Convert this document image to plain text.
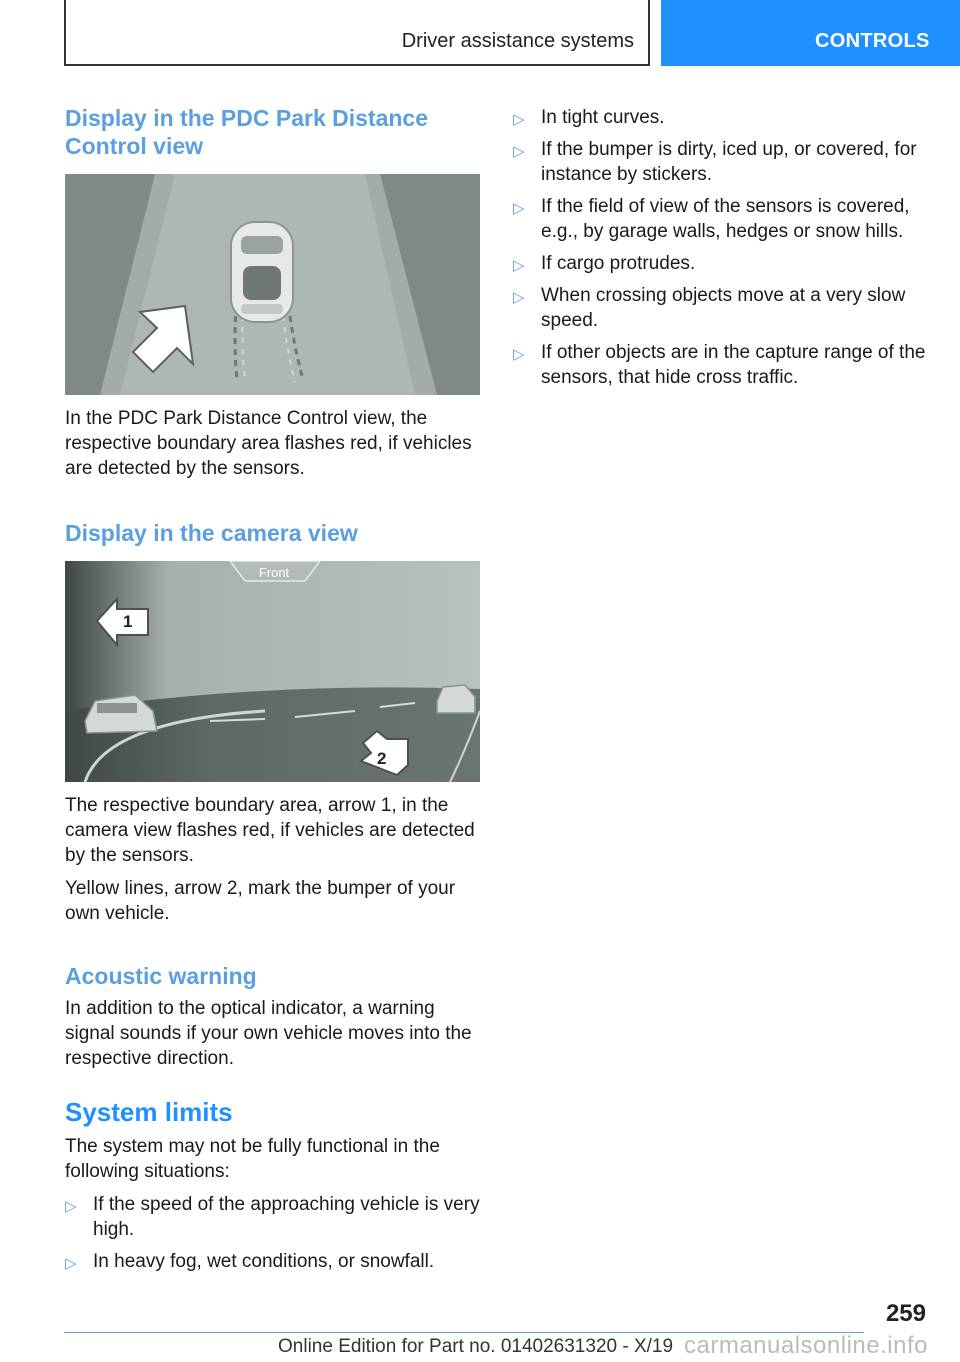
Driver assistance systems	CONTROLS
Display in the PDC Park Distance Control view
In the PDC Park Distance Control view, the respective boundary area flashes red, if vehicles are detected by the sensors.
Display in the camera view
Front
1
2
The respective boundary area, arrow 1, in the camera view flashes red, if vehicles are detected by the sensors.
Yellow lines, arrow 2, mark the bumper of your own vehicle.
Acoustic warning
In addition to the optical indicator, a warning signal sounds if your own vehicle moves into the respective direction.
System limits
The system may not be fully functional in the following situations:
▷ If the speed of the approaching vehicle is very high.
▷ In heavy fog, wet conditions, or snowfall.
▷ In tight curves.
▷ If the bumper is dirty, iced up, or covered, for instance by stickers.
▷ If the field of view of the sensors is covered, e.g., by garage walls, hedges or snow hills.
▷ If cargo protrudes.
▷ When crossing objects move at a very slow speed.
▷ If other objects are in the capture range of the sensors, that hide cross traffic.
259
Online Edition for Part no. 01402631320 - X/19 carmanualsonline.info
